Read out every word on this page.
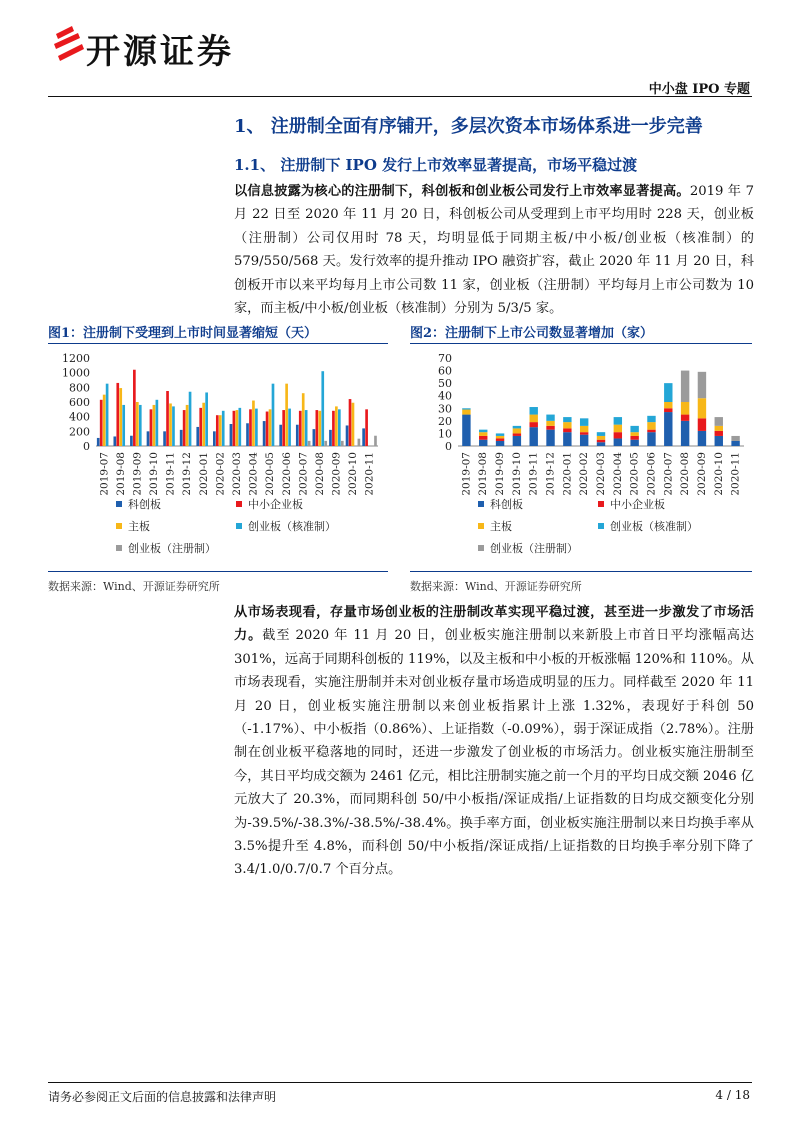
开源证券
中小盘 IPO 专题
1、 注册制全面有序铺开，多层次资本市场体系进一步完善
1.1、 注册制下 IPO 发行上市效率显著提高，市场平稳过渡
以信息披露为核心的注册制下，科创板和创业板公司发行上市效率显著提高。2019 年 7 月 22 日至 2020 年 11 月 20 日，科创板公司从受理到上市平均用时 228 天，创业板（注册制）公司仅用时 78 天，均明显低于同期主板/中小板/创业板（核准制）的 579/550/568 天。发行效率的提升推动 IPO 融资扩容，截止 2020 年 11 月 20 日，科创板开市以来平均每月上市公司数 11 家，创业板（注册制）平均每月上市公司数为 10 家，而主板/中小板/创业板（核准制）分别为 5/3/5 家。
图1：注册制下受理到上市时间显著缩短（天）	图2：注册制下上市公司数显著增加（家）
0
200
400
600
800
1000
1200
2019-07 2019-08 2019-09 2019-10 2019-11 2019-12 2020-01 2020-02 2020-03 2020-04 2020-05 2020-06 2020-07 2020-08 2020-09 2020-10 2020-11
科创板	中小企业板
主板	创业板（核准制）
创业板（注册制）
0
10
20
30
40
50
60
70
2019-07 2019-08 2019-09 2019-10 2019-11 2019-12 2020-01 2020-02 2020-03 2020-04 2020-05 2020-06 2020-07 2020-08 2020-09 2020-10 2020-11
科创板	中小企业板
主板	创业板（核准制）
创业板（注册制）
数据来源：Wind、开源证券研究所	数据来源：Wind、开源证券研究所
从市场表现看，存量市场创业板的注册制改革实现平稳过渡，甚至进一步激发了市场活力。截至 2020 年 11 月 20 日，创业板实施注册制以来新股上市首日平均涨幅高达 301%，远高于同期科创板的 119%，以及主板和中小板的开板涨幅 120%和 110%。从市场表现看，实施注册制并未对创业板存量市场造成明显的压力。同样截至 2020 年 11 月 20 日，创业板实施注册制以来创业板指累计上涨 1.32%，表现好于科创 50（-1.17%）、中小板指（0.86%）、上证指数（-0.09%），弱于深证成指（2.78%）。注册制在创业板平稳落地的同时，还进一步激发了创业板的市场活力。创业板实施注册制至今，其日平均成交额为 2461 亿元，相比注册制实施之前一个月的平均日成交额 2046 亿元放大了 20.3%，而同期科创 50/中小板指/深证成指/上证指数的日均成交额变化分别为-39.5%/-38.3%/-38.5%/-38.4%。换手率方面，创业板实施注册制以来日均换手率从 3.5%提升至 4.8%，而科创 50/中小板指/深证成指/上证指数的日均换手率分别下降了 3.4/1.0/0.7/0.7 个百分点。
请务必参阅正文后面的信息披露和法律声明	4 / 18
